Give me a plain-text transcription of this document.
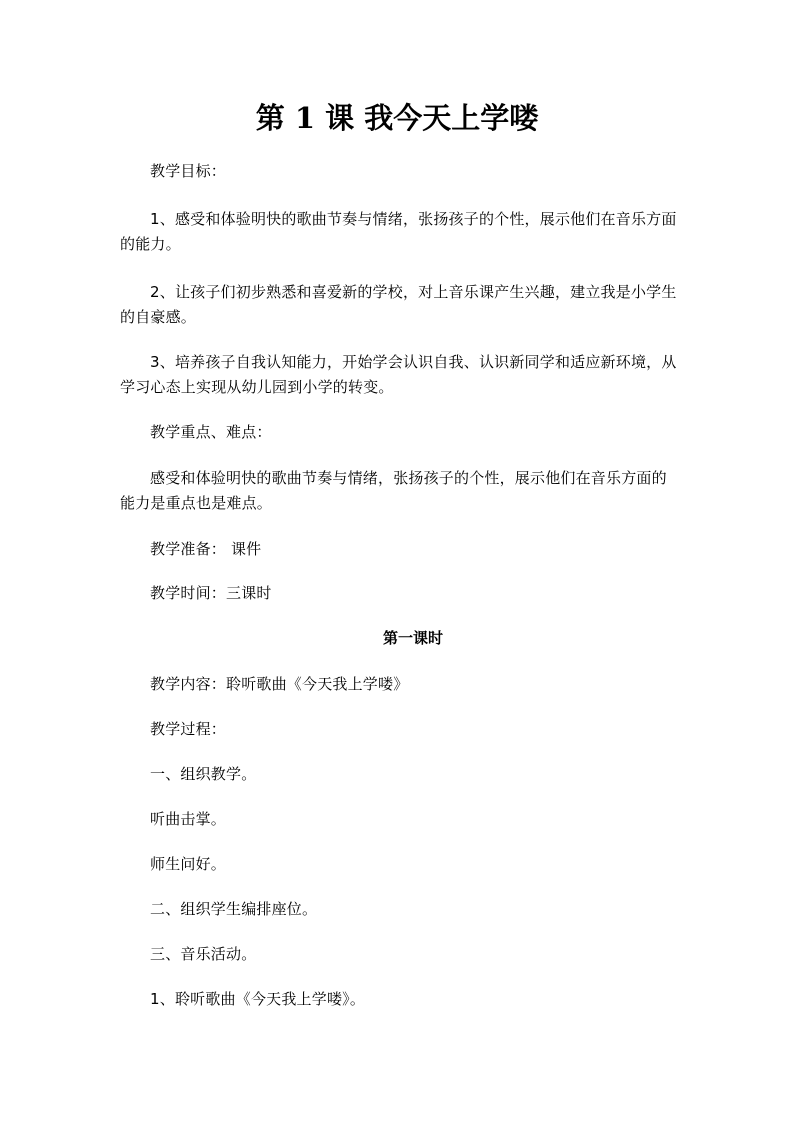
第 1 课 我今天上学喽
教学目标：
1、感受和体验明快的歌曲节奏与情绪，张扬孩子的个性，展示他们在音乐方面的能力。
2、让孩子们初步熟悉和喜爱新的学校，对上音乐课产生兴趣，建立我是小学生的自豪感。
3、培养孩子自我认知能力，开始学会认识自我、认识新同学和适应新环境，从学习心态上实现从幼儿园到小学的转变。
教学重点、难点：
感受和体验明快的歌曲节奏与情绪，张扬孩子的个性，展示他们在音乐方面的能力是重点也是难点。
教学准备： 课件
教学时间：三课时
第一课时
教学内容：聆听歌曲《今天我上学喽》
教学过程：
一、组织教学。
听曲击掌。
师生问好。
二、组织学生编排座位。
三、音乐活动。
1、聆听歌曲《今天我上学喽》。
